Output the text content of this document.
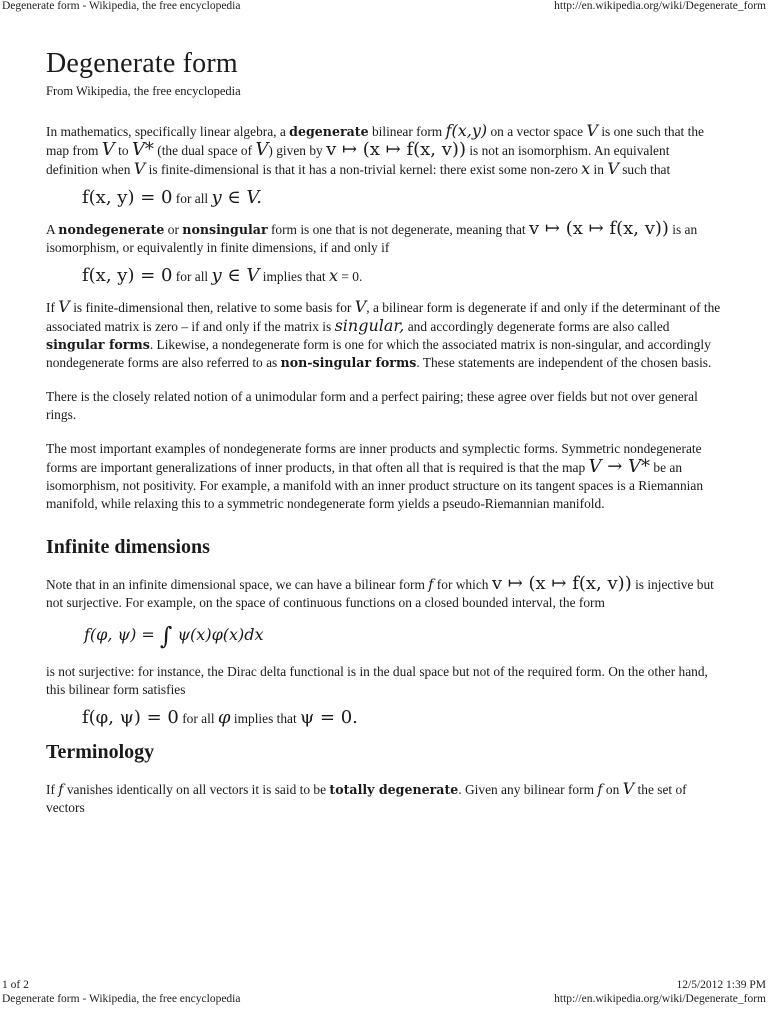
Degenerate form - Wikipedia, the free encyclopedia	http://en.wikipedia.org/wiki/Degenerate_form
Degenerate form
From Wikipedia, the free encyclopedia

In mathematics, specifically linear algebra, a degenerate bilinear form f(x,y) on a vector space V is one such that the map from V to V* (the dual space of V) given by v ↦ (x ↦ f(x, v)) is not an isomorphism. An equivalent definition when V is finite-dimensional is that it has a non-trivial kernel: there exist some non-zero x in V such that

f(x, y) = 0 for all y ∈ V.

A nondegenerate or nonsingular form is one that is not degenerate, meaning that v ↦ (x ↦ f(x, v)) is an isomorphism, or equivalently in finite dimensions, if and only if

f(x, y) = 0 for all y ∈ V implies that x = 0.

If V is finite-dimensional then, relative to some basis for V, a bilinear form is degenerate if and only if the determinant of the associated matrix is zero – if and only if the matrix is singular, and accordingly degenerate forms are also called singular forms. Likewise, a nondegenerate form is one for which the associated matrix is non-singular, and accordingly nondegenerate forms are also referred to as non-singular forms. These statements are independent of the chosen basis.

There is the closely related notion of a unimodular form and a perfect pairing; these agree over fields but not over general rings.

The most important examples of nondegenerate forms are inner products and symplectic forms. Symmetric nondegenerate forms are important generalizations of inner products, in that often all that is required is that the map V → V* be an isomorphism, not positivity. For example, a manifold with an inner product structure on its tangent spaces is a Riemannian manifold, while relaxing this to a symmetric nondegenerate form yields a pseudo-Riemannian manifold.

Infinite dimensions

Note that in an infinite dimensional space, we can have a bilinear form f for which v ↦ (x ↦ f(x, v)) is injective but not surjective. For example, on the space of continuous functions on a closed bounded interval, the form

f(φ, ψ) = ∫ ψ(x)φ(x)dx

is not surjective: for instance, the Dirac delta functional is in the dual space but not of the required form. On the other hand, this bilinear form satisfies

f(φ, ψ) = 0 for all φ implies that ψ = 0.
Terminology

If f vanishes identically on all vectors it is said to be totally degenerate. Given any bilinear form f on V the set of vectors

1 of 2	12/5/2012 1:39 PM
Degenerate form - Wikipedia, the free encyclopedia	http://en.wikipedia.org/wiki/Degenerate_form
